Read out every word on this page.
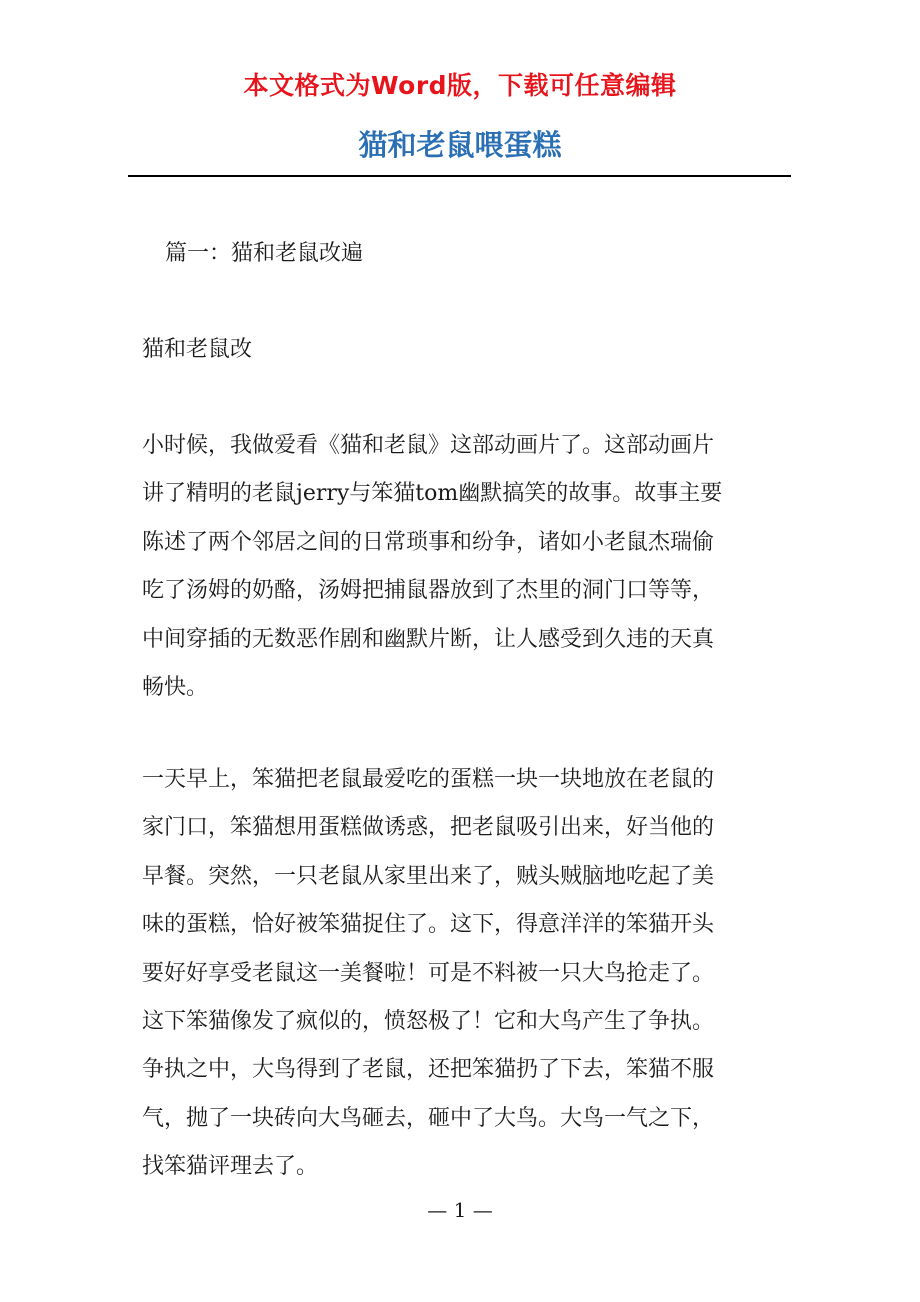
本文格式为Word版，下载可任意编辑
猫和老鼠喂蛋糕
篇一：猫和老鼠改遍
猫和老鼠改
小时候，我做爱看《猫和老鼠》这部动画片了。这部动画片
讲了精明的老鼠jerry与笨猫tom幽默搞笑的故事。故事主要
陈述了两个邻居之间的日常琐事和纷争，诸如小老鼠杰瑞偷
吃了汤姆的奶酪，汤姆把捕鼠器放到了杰里的洞门口等等，
中间穿插的无数恶作剧和幽默片断，让人感受到久违的天真
畅快。
一天早上，笨猫把老鼠最爱吃的蛋糕一块一块地放在老鼠的
家门口，笨猫想用蛋糕做诱惑，把老鼠吸引出来，好当他的
早餐。突然，一只老鼠从家里出来了，贼头贼脑地吃起了美
味的蛋糕，恰好被笨猫捉住了。这下，得意洋洋的笨猫开头
要好好享受老鼠这一美餐啦！可是不料被一只大鸟抢走了。
这下笨猫像发了疯似的，愤怒极了！它和大鸟产生了争执。
争执之中，大鸟得到了老鼠，还把笨猫扔了下去，笨猫不服
气，抛了一块砖向大鸟砸去，砸中了大鸟。大鸟一气之下，
找笨猫评理去了。
— 1 —
